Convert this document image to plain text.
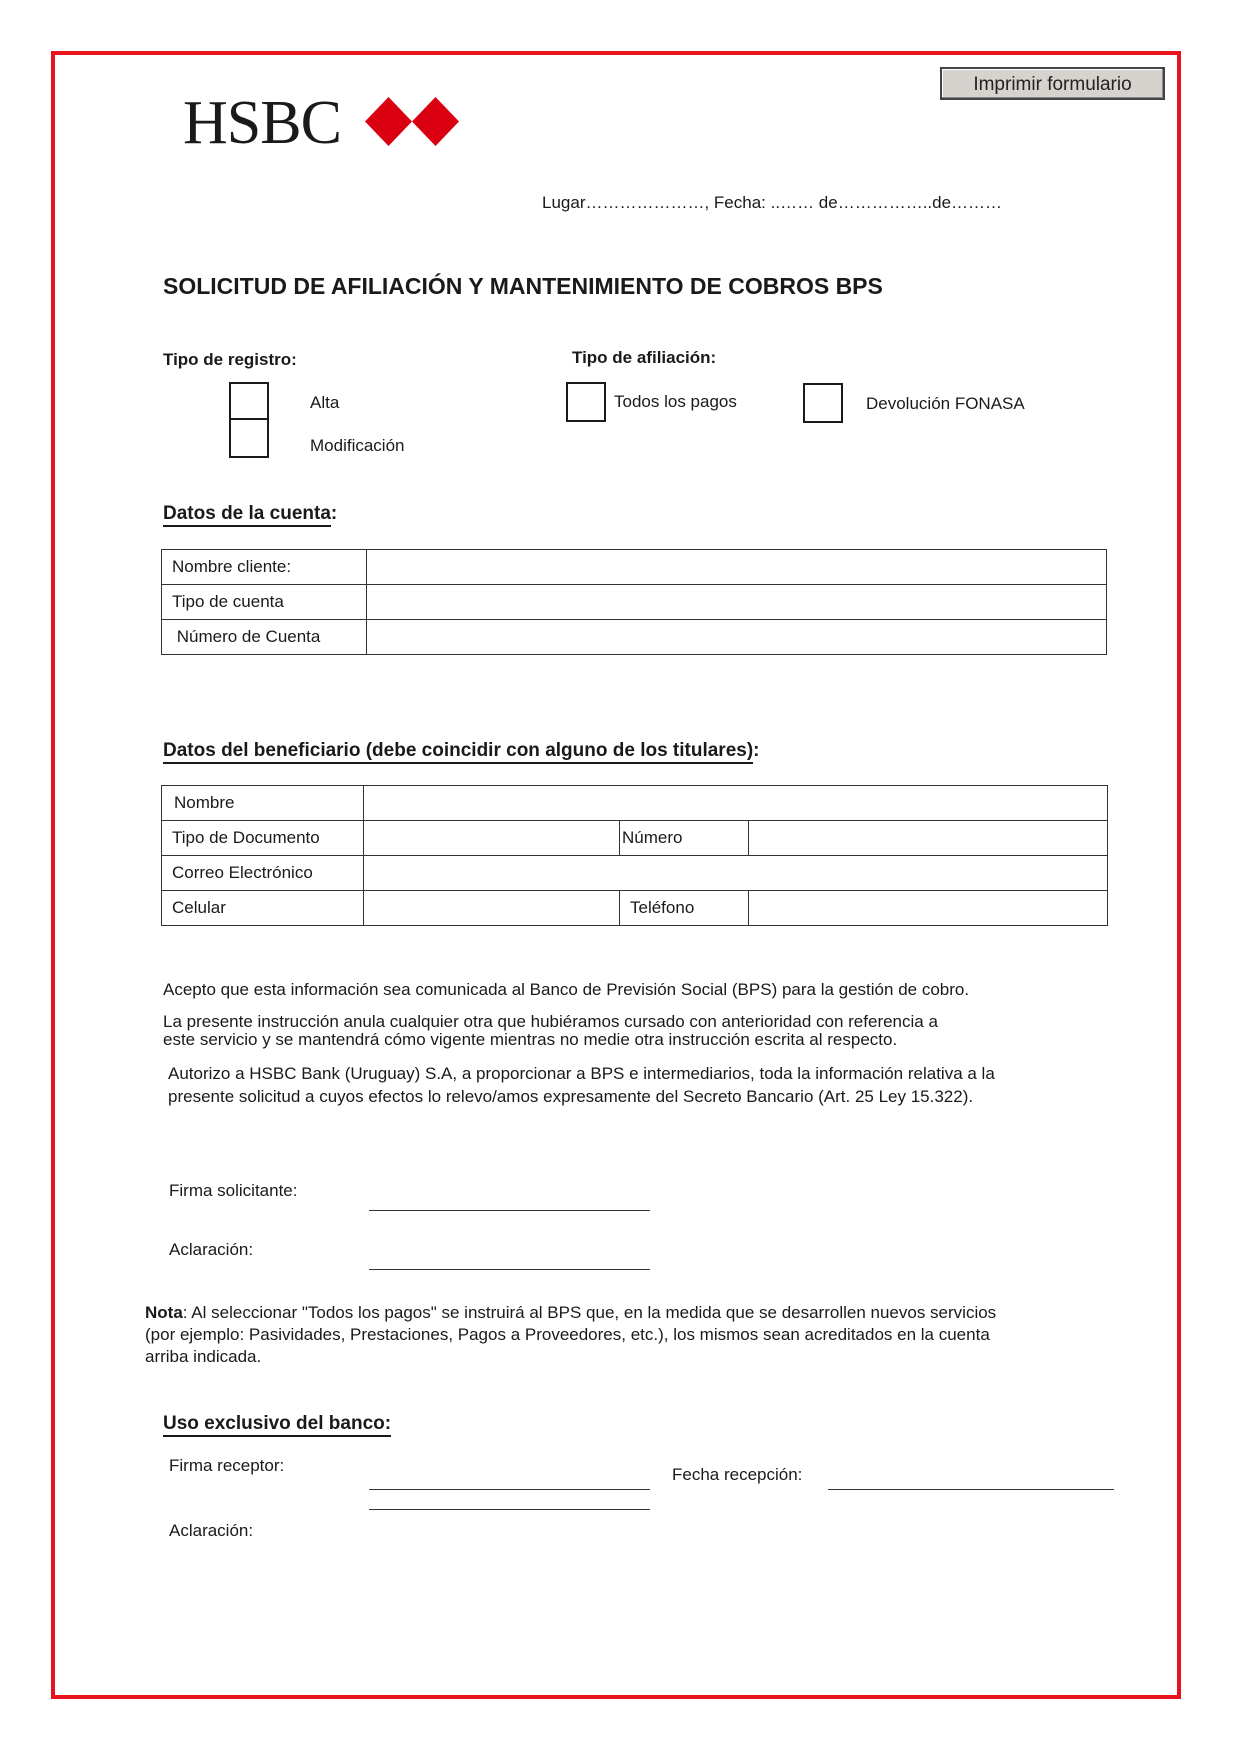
Imprimir formulario
HSBC
Lugar…………………, Fecha: ..…… de……………..de………
SOLICITUD DE AFILIACIÓN Y MANTENIMIENTO DE COBROS BPS
Tipo de registro:
Alta
Modificación
Tipo de afiliación:
Todos los pagos	Devolución FONASA
Datos de la cuenta:
Nombre cliente:	
Tipo de cuenta	
Número de Cuenta	
Datos del beneficiario (debe coincidir con alguno de los titulares):
Nombre			
Tipo de Documento		Número	
Correo Electrónico			
Celular		Teléfono	
Acepto que esta información sea comunicada al Banco de Previsión Social (BPS) para la gestión de cobro.
La presente instrucción anula cualquier otra que hubiéramos cursado con anterioridad con referencia a
este servicio y se mantendrá cómo vigente mientras no medie otra instrucción escrita al respecto.
Autorizo a HSBC Bank (Uruguay) S.A, a proporcionar a BPS e intermediarios, toda la información relativa a la
presente solicitud a cuyos efectos lo relevo/amos expresamente del Secreto Bancario (Art. 25 Ley 15.322).
Firma solicitante:
Aclaración:
Nota: Al seleccionar "Todos los pagos" se instruirá al BPS que, en la medida que se desarrollen nuevos servicios
(por ejemplo: Pasividades, Prestaciones, Pagos a Proveedores, etc.), los mismos sean acreditados en la cuenta
arriba indicada.
Uso exclusivo del banco:
Firma receptor:	Fecha recepción:
Aclaración:
